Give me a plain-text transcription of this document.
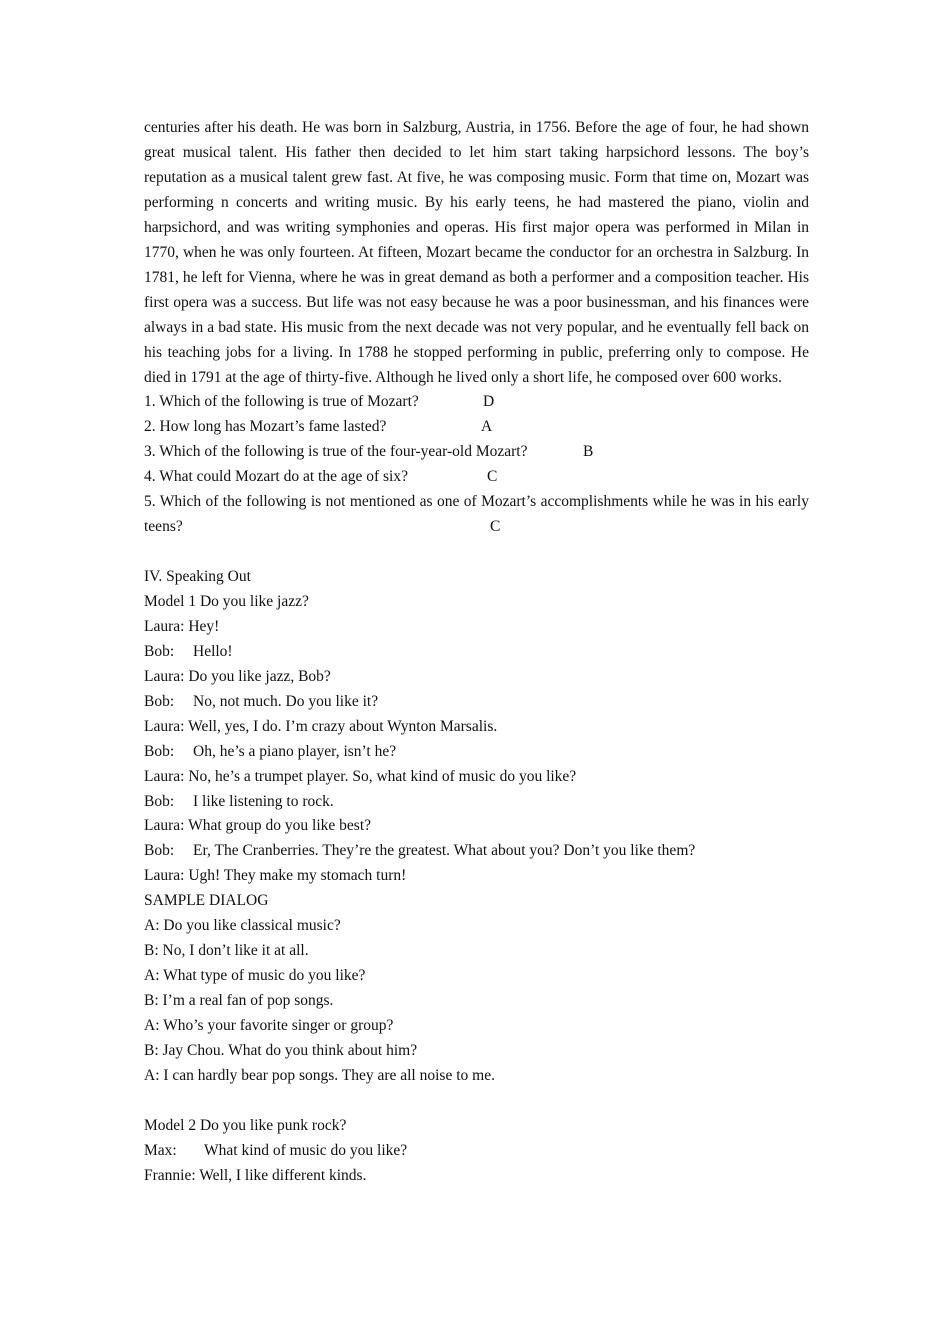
centuries after his death. He was born in Salzburg, Austria, in 1756. Before the age of four, he had shown great musical talent. His father then decided to let him start taking harpsichord lessons. The boy’s reputation as a musical talent grew fast. At five, he was composing music. Form that time on, Mozart was performing n concerts and writing music. By his early teens, he had mastered the piano, violin and harpsichord, and was writing symphonies and operas. His first major opera was performed in Milan in 1770, when he was only fourteen. At fifteen, Mozart became the conductor for an orchestra in Salzburg. In 1781, he left for Vienna, where he was in great demand as both a performer and a composition teacher. His first opera was a success. But life was not easy because he was a poor businessman, and his finances were always in a bad state. His music from the next decade was not very popular, and he eventually fell back on his teaching jobs for a living. In 1788 he stopped performing in public, preferring only to compose. He died in 1791 at the age of thirty-five. Although he lived only a short life, he composed over 600 works.

1. Which of the following is true of Mozart?	D
2. How long has Mozart’s fame lasted?	A
3. Which of the following is true of the four-year-old Mozart?	B
4. What could Mozart do at the age of six?	C
5. Which of the following is not mentioned as one of Mozart’s accomplishments while he was in his early teens?	C
IV. Speaking Out
Model 1 Do you like jazz?
Laura: Hey!
Bob: Hello!
Laura: Do you like jazz, Bob?
Bob: No, not much. Do you like it?
Laura: Well, yes, I do. I’m crazy about Wynton Marsalis.
Bob: Oh, he’s a piano player, isn’t he?
Laura: No, he’s a trumpet player. So, what kind of music do you like?
Bob: I like listening to rock.
Laura: What group do you like best?
Bob: Er, The Cranberries. They’re the greatest. What about you? Don’t you like them?
Laura: Ugh! They make my stomach turn!
SAMPLE DIALOG
A: Do you like classical music?
B: No, I don’t like it at all.
A: What type of music do you like?
B: I’m a real fan of pop songs.
A: Who’s your favorite singer or group?
B: Jay Chou. What do you think about him?
A: I can hardly bear pop songs. They are all noise to me.
Model 2 Do you like punk rock?
Max: What kind of music do you like?
Frannie: Well, I like different kinds.
